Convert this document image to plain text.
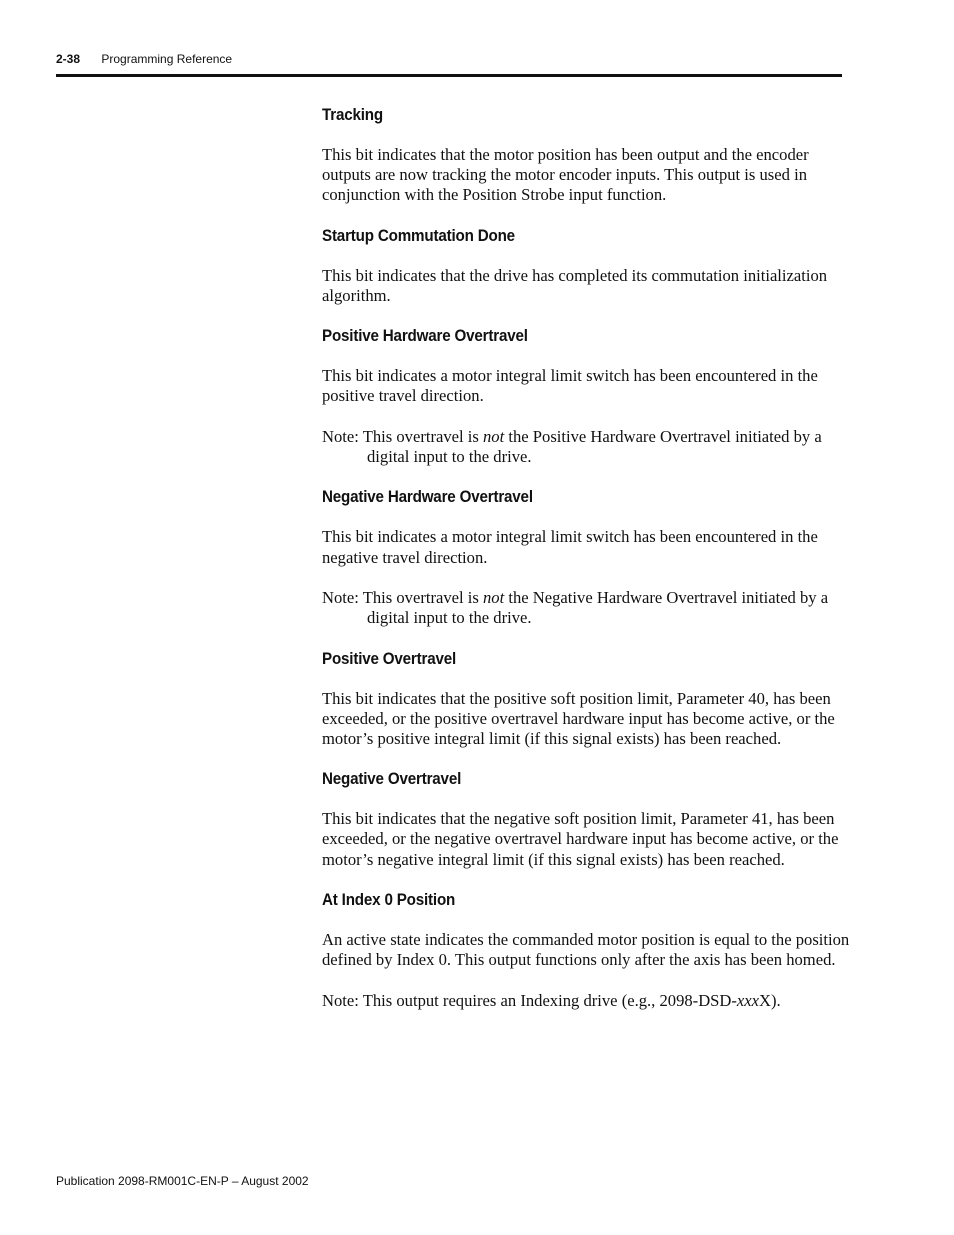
2-38 Programming Reference
Tracking

This bit indicates that the motor position has been output and the encoder outputs are now tracking the motor encoder inputs. This output is used in conjunction with the Position Strobe input function.

Startup Commutation Done

This bit indicates that the drive has completed its commutation initialization algorithm.

Positive Hardware Overtravel

This bit indicates a motor integral limit switch has been encountered in the positive travel direction.

Note: This overtravel is not the Positive Hardware Overtravel initiated by a digital input to the drive.

Negative Hardware Overtravel

This bit indicates a motor integral limit switch has been encountered in the negative travel direction.

Note: This overtravel is not the Negative Hardware Overtravel initiated by a digital input to the drive.

Positive Overtravel

This bit indicates that the positive soft position limit, Parameter 40, has been exceeded, or the positive overtravel hardware input has become active, or the motor’s positive integral limit (if this signal exists) has been reached.

Negative Overtravel

This bit indicates that the negative soft position limit, Parameter 41, has been exceeded, or the negative overtravel hardware input has become active, or the motor’s negative integral limit (if this signal exists) has been reached.

At Index 0 Position

An active state indicates the commanded motor position is equal to the position defined by Index 0. This output functions only after the axis has been homed.

Note: This output requires an Indexing drive (e.g., 2098-DSD-xxxX).

Publication 2098-RM001C-EN-P – August 2002
